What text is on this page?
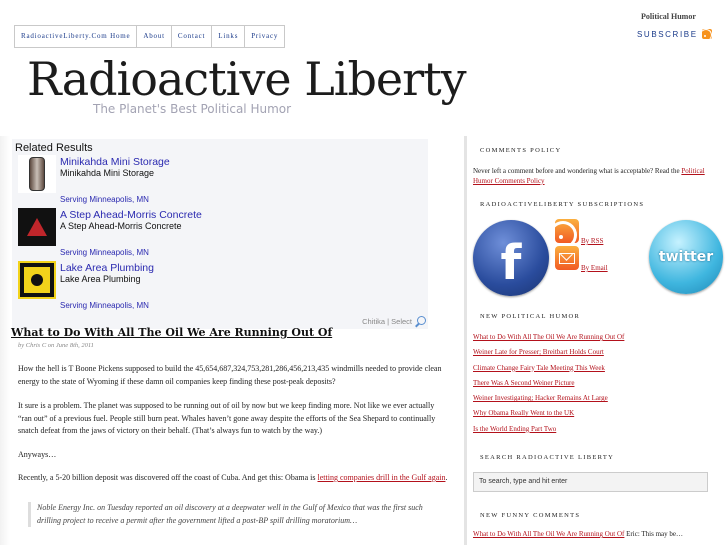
RadioactiveLiberty.Com Home	About	Contact	Links	Privacy
Political Humor
SUBSCRIBE
Radioactive Liberty
The Planet's Best Political Humor
Related Results
Minikahda Mini Storage
Minikahda Mini Storage
Serving Minneapolis, MN
A Step Ahead-Morris Concrete
A Step Ahead-Morris Concrete
Serving Minneapolis, MN
Lake Area Plumbing
Lake Area Plumbing
Serving Minneapolis, MN
Chitika | Select
What to Do With All The Oil We Are Running Out Of
by Chris C on June 8th, 2011

How the hell is T Boone Pickens supposed to build the 45,654,687,324,753,281,286,456,213,435 windmills needed to provide clean energy to the state of Wyoming if these damn oil companies keep finding these post-peak deposits?

It sure is a problem. The planet was supposed to be running out of oil by now but we keep finding more. Not like we ever actually “ran out” of a previous fuel. People still burn peat. Whales haven’t gone away despite the efforts of the Sea Shepard to continually snatch defeat from the jaws of victory on their behalf. (That’s always fun to watch by the way.)

Anyways…

Recently, a 5-20 billion deposit was discovered off the coast of Cuba. And get this: Obama is letting companies drill in the Gulf again.

Noble Energy Inc. on Tuesday reported an oil discovery at a deepwater well in the Gulf of Mexico that was the first such drilling project to receive a permit after the government lifted a post-BP spill drilling moratorium…
COMMENTS POLICY
Never left a comment before and wondering what is acceptable? Read the Political Humor Comments Policy
RADIOACTIVELIBERTY SUBSCRIPTIONS
f	By RSS
By Email
twitter
NEW POLITICAL HUMOR
What to Do With All The Oil We Are Running Out Of
Weiner Late for Presser; Breitbart Holds Court
Climate Change Fairy Tale Meeting This Week
There Was A Second Weiner Picture
Weiner Investigating; Hacker Remains At Large
Why Obama Really Went to the UK
Is the World Ending Part Two
SEARCH RADIOACTIVE LIBERTY
To search, type and hit enter
NEW FUNNY COMMENTS
What to Do With All The Oil We Are Running Out Of Eric: This may be…
